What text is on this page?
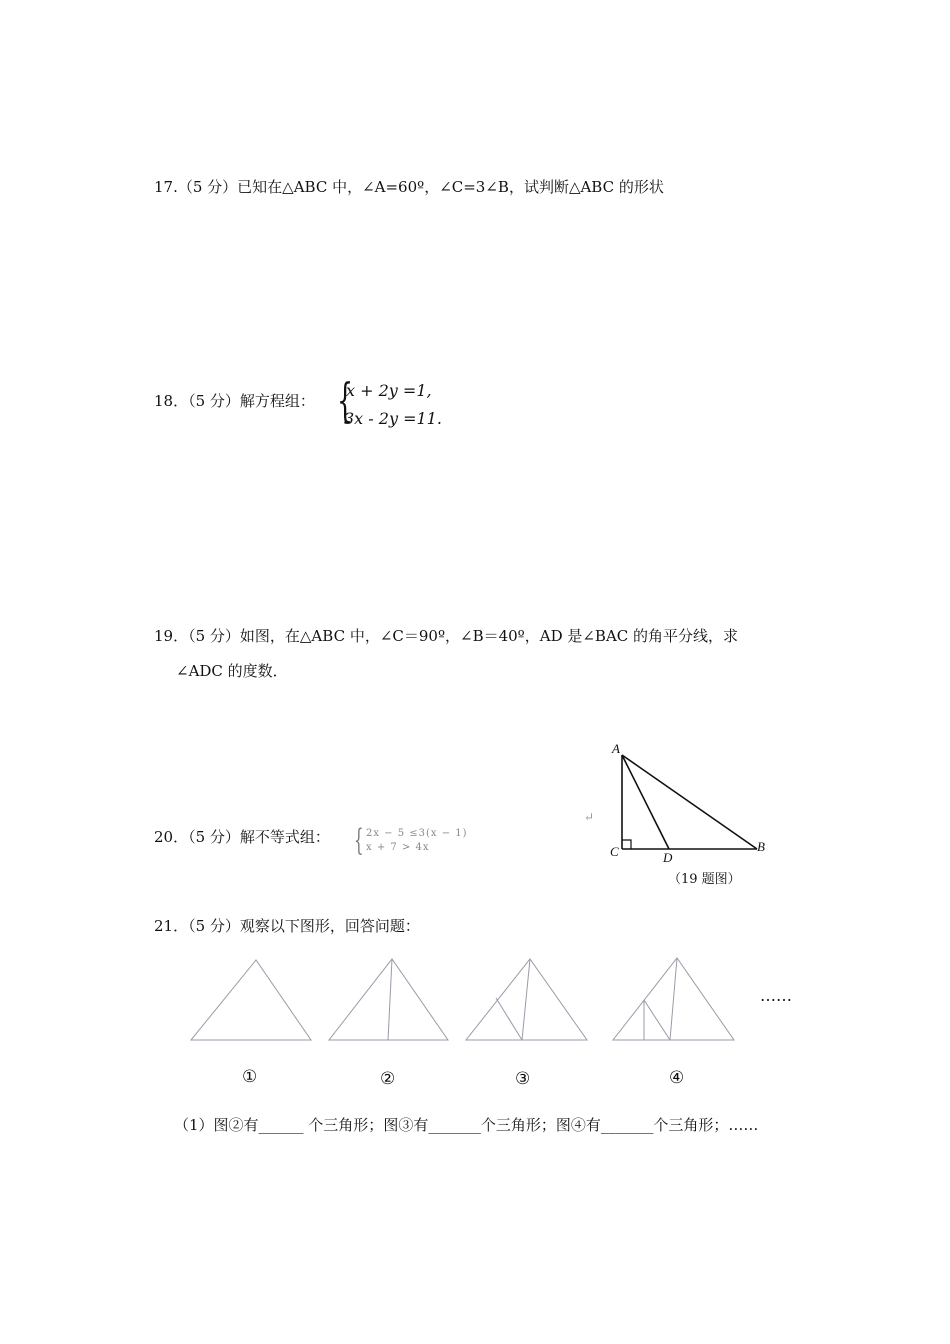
17.（5 分）已知在△ABC 中，∠A=60º，∠C=3∠B，试判断△ABC 的形状
18．（5 分）解方程组： {
x + 2y =1,
3x - 2y =11.
19．（5 分）如图，在△ABC 中，∠C＝90º，∠B＝40º，AD 是∠BAC 的角平分线，求
∠ADC 的度数．
A
C	D
B
（19 题图）
↵
20．（5 分）解不等式组： { 2x − 5 ≤3(x − 1)
x + 7 > 4x
21．（5 分）观察以下图形，回答问题：
……
①	②	③	④
（1）图②有______ 个三角形；图③有_______个三角形；图④有_______个三角形；……
